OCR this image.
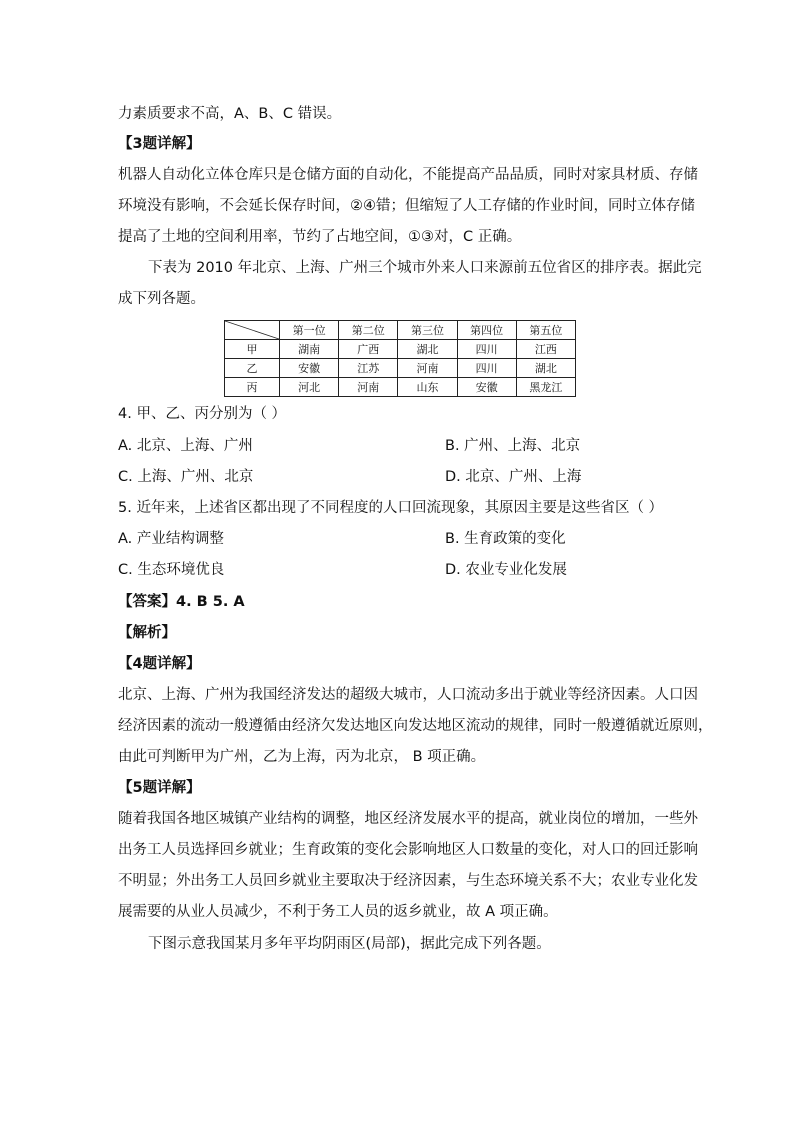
力素质要求不高，A、B、C 错误。
【3题详解】
机器人自动化立体仓库只是仓储方面的自动化，不能提高产品品质，同时对家具材质、存储
环境没有影响，不会延长保存时间，②④错；但缩短了人工存储的作业时间，同时立体存储
提高了土地的空间利用率，节约了占地空间，①③对，C 正确。
下表为 2010 年北京、上海、广州三个城市外来人口来源前五位省区的排序表。据此完
成下列各题。
	第一位	第二位	第三位	第四位	第五位
甲	湖南	广西	湖北	四川	江西
乙	安徽	江苏	河南	四川	湖北
丙	河北	河南	山东	安徽	黑龙江
4. 甲、乙、丙分别为（ ）
A. 北京、上海、广州	B. 广州、上海、北京
C. 上海、广州、北京	D. 北京、广州、上海
5. 近年来，上述省区都出现了不同程度的人口回流现象，其原因主要是这些省区（ ）
A. 产业结构调整	B. 生育政策的变化
C. 生态环境优良	D. 农业专业化发展
【答案】4. B 5. A
【解析】
【4题详解】
北京、上海、广州为我国经济发达的超级大城市，人口流动多出于就业等经济因素。人口因
经济因素的流动一般遵循由经济欠发达地区向发达地区流动的规律，同时一般遵循就近原则，
由此可判断甲为广州，乙为上海，丙为北京， B 项正确。
【5题详解】
随着我国各地区城镇产业结构的调整，地区经济发展水平的提高，就业岗位的增加，一些外
出务工人员选择回乡就业；生育政策的变化会影响地区人口数量的变化，对人口的回迁影响
不明显；外出务工人员回乡就业主要取决于经济因素，与生态环境关系不大；农业专业化发
展需要的从业人员减少，不利于务工人员的返乡就业，故 A 项正确。
下图示意我国某月多年平均阴雨区(局部)，据此完成下列各题。
